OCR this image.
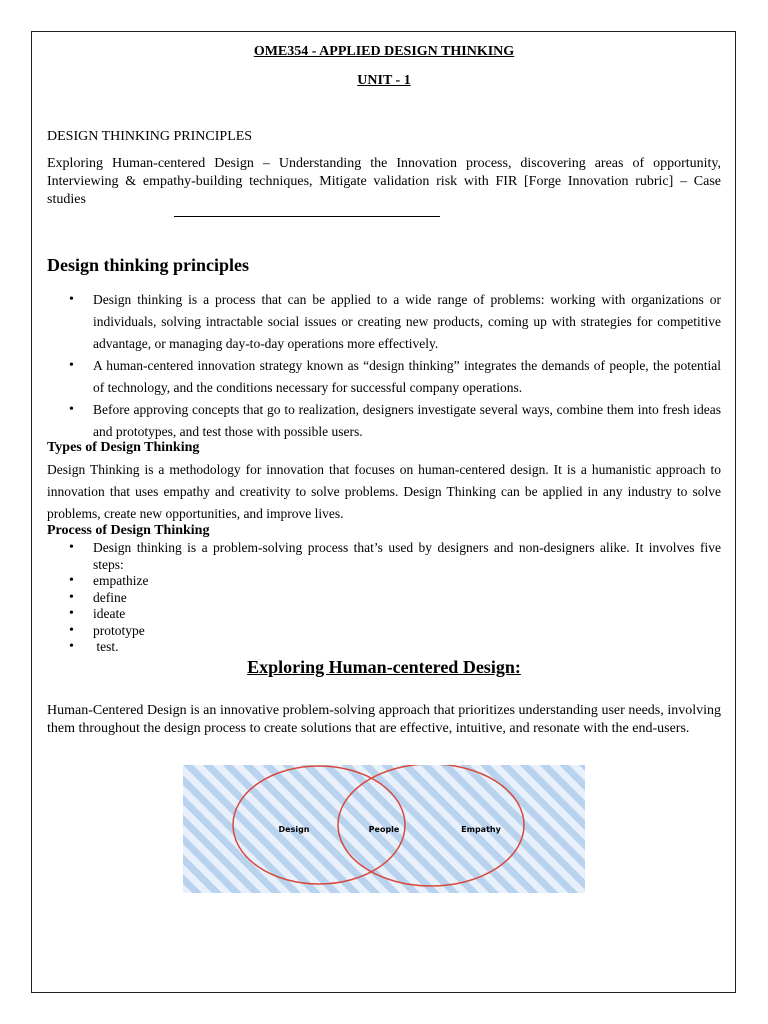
OME354 - APPLIED DESIGN THINKING
UNIT - 1
DESIGN THINKING PRINCIPLES
Exploring Human-centered Design – Understanding the Innovation process, discovering areas of opportunity, Interviewing & empathy-building techniques, Mitigate validation risk with FIR [Forge Innovation rubric] – Case studies
Design thinking principles
• Design thinking is a process that can be applied to a wide range of problems: working with organizations or individuals, solving intractable social issues or creating new products, coming up with strategies for competitive advantage, or managing day-to-day operations more effectively.
• A human-centered innovation strategy known as “design thinking” integrates the demands of people, the potential of technology, and the conditions necessary for successful company operations.
• Before approving concepts that go to realization, designers investigate several ways, combine them into fresh ideas and prototypes, and test those with possible users.
Types of Design Thinking
Design Thinking is a methodology for innovation that focuses on human-centered design. It is a humanistic approach to innovation that uses empathy and creativity to solve problems. Design Thinking can be applied in any industry to solve problems, create new opportunities, and improve lives.
Process of Design Thinking
• Design thinking is a problem-solving process that’s used by designers and non-designers alike. It involves five steps:
• empathize
• define
• ideate
• prototype
•  test.
Exploring Human-centered Design:
Human-Centered Design is an innovative problem-solving approach that prioritizes understanding user needs, involving them throughout the design process to create solutions that are effective, intuitive, and resonate with the end-users.
Design	People	Empathy
